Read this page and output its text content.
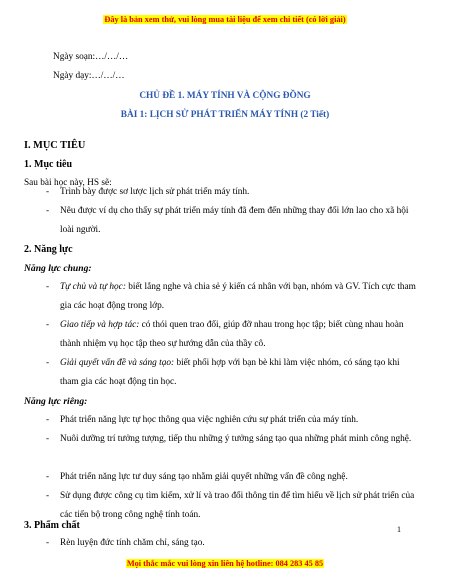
Đây là bản xem thử, vui lòng mua tài liệu để xem chi tiết (có lời giải)
Ngày soạn:…/…/…
Ngày dạy:…/…/…
CHỦ ĐỀ 1. MÁY TÍNH VÀ CỘNG ĐỒNG
BÀI 1: LỊCH SỬ PHÁT TRIỂN MÁY TÍNH (2 Tiết)
I. MỤC TIÊU
1. Mục tiêu
Sau bài học này, HS sẽ:
- Trình bày được sơ lược lịch sử phát triển máy tính.
- Nêu được ví dụ cho thấy sự phát triển máy tính đã đem đến những thay đổi lớn lao cho xã hội loài người.
2. Năng lực
Năng lực chung:
- Tự chủ và tự học: biết lắng nghe và chia sẻ ý kiến cá nhân với bạn, nhóm và GV. Tích cực tham gia các hoạt động trong lớp.
- Giao tiếp và hợp tác: có thói quen trao đổi, giúp đỡ nhau trong học tập; biết cùng nhau hoàn thành nhiệm vụ học tập theo sự hướng dẫn của thầy cô.
- Giải quyết vấn đề và sáng tạo: biết phối hợp với bạn bè khi làm việc nhóm, có sáng tạo khi tham gia các hoạt động tin học.
Năng lực riêng:
- Phát triển năng lực tự học thông qua việc nghiên cứu sự phát triển của máy tính.
- Nuôi dưỡng trí tưởng tượng, tiếp thu những ý tưởng sáng tạo qua những phát minh công nghệ.
- Phát triển năng lực tư duy sáng tạo nhằm giải quyết những vấn đề công nghệ.
- Sử dụng được công cụ tìm kiếm, xử lí và trao đổi thông tin để tìm hiểu về lịch sử phát triển của các tiến bộ trong công nghệ tính toán.
3. Phẩm chất
- Rèn luyện đức tính chăm chỉ, sáng tạo.
1
Mọi thắc mắc vui lòng xin liên hệ hotline: 084 283 45 85
